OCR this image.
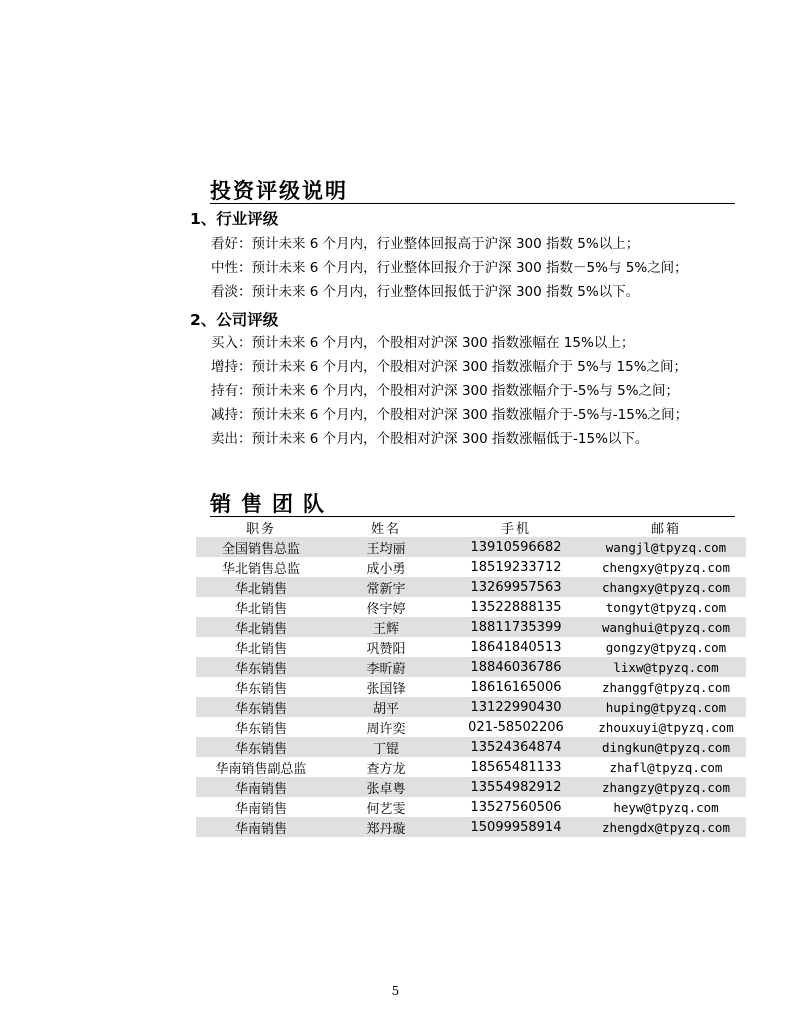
投资评级说明
1、行业评级
看好：预计未来 6 个月内，行业整体回报高于沪深 300 指数 5%以上；
中性：预计未来 6 个月内，行业整体回报介于沪深 300 指数－5%与 5%之间；
看淡：预计未来 6 个月内，行业整体回报低于沪深 300 指数 5%以下。
2、公司评级
买入：预计未来 6 个月内，个股相对沪深 300 指数涨幅在 15%以上；
增持：预计未来 6 个月内，个股相对沪深 300 指数涨幅介于 5%与 15%之间；
持有：预计未来 6 个月内，个股相对沪深 300 指数涨幅介于-5%与 5%之间；
减持：预计未来 6 个月内，个股相对沪深 300 指数涨幅介于-5%与-15%之间；
卖出：预计未来 6 个月内，个股相对沪深 300 指数涨幅低于-15%以下。
销售团队
职务	姓名	手机	邮箱
全国销售总监	王均丽	13910596682	wangjl@tpyzq.com
华北销售总监	成小勇	18519233712	chengxy@tpyzq.com
华北销售	常新宇	13269957563	changxy@tpyzq.com
华北销售	佟宇婷	13522888135	tongyt@tpyzq.com
华北销售	王辉	18811735399	wanghui@tpyzq.com
华北销售	巩赞阳	18641840513	gongzy@tpyzq.com
华东销售	李昕蔚	18846036786	lixw@tpyzq.com
华东销售	张国锋	18616165006	zhanggf@tpyzq.com
华东销售	胡平	13122990430	huping@tpyzq.com
华东销售	周许奕	021-58502206	zhouxuyi@tpyzq.com
华东销售	丁锟	13524364874	dingkun@tpyzq.com
华南销售副总监	查方龙	18565481133	zhafl@tpyzq.com
华南销售	张卓粤	13554982912	zhangzy@tpyzq.com
华南销售	何艺雯	13527560506	heyw@tpyzq.com
华南销售	郑丹璇	15099958914	zhengdx@tpyzq.com
5
